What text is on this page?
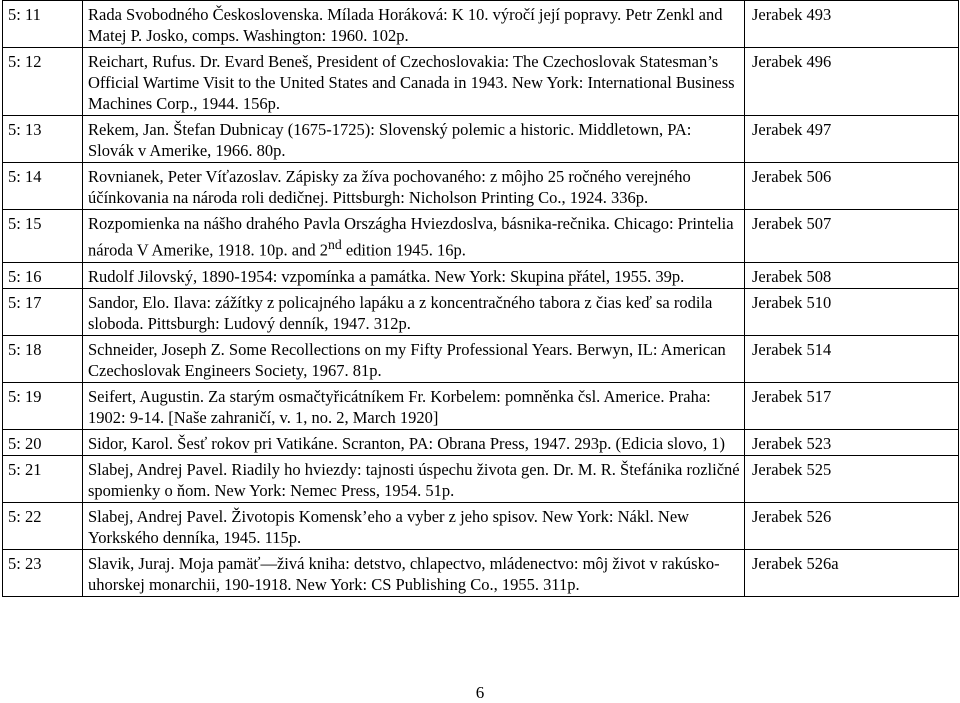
5: 11	Rada Svobodného Československa. Mílada Horáková: K 10. výročí její popravy. Petr Zenkl and Matej P. Josko, comps. Washington: 1960. 102p.	Jerabek 493
5: 12	Reichart, Rufus. Dr. Evard Beneš, President of Czechoslovakia: The Czechoslovak Statesman’s Official Wartime Visit to the United States and Canada in 1943. New York: International Business Machines Corp., 1944. 156p.	Jerabek 496
5: 13	Rekem, Jan. Štefan Dubnicay (1675-1725): Slovenský polemic a historic. Middletown, PA: Slovák v Amerike, 1966. 80p.	Jerabek 497
5: 14	Rovnianek, Peter Víťazoslav. Zápisky za žíva pochovaného: z môjho 25 ročného verejného účínkovania na národa roli dedičnej. Pittsburgh: Nicholson Printing Co., 1924. 336p.	Jerabek 506
5: 15	Rozpomienka na nášho drahého Pavla Országha Hviezdoslva, básnika-rečnika. Chicago: Printelia národa V Amerike, 1918. 10p. and 2nd edition 1945. 16p.	Jerabek 507
5: 16	Rudolf Jilovský, 1890-1954: vzpomínka a památka. New York: Skupina přátel, 1955. 39p.	Jerabek 508
5: 17	Sandor, Elo. Ilava: zážítky z policajného lapáku a z koncentračného tabora z čias keď sa rodila sloboda. Pittsburgh: Ludový denník, 1947. 312p.	Jerabek 510
5: 18	Schneider, Joseph Z. Some Recollections on my Fifty Professional Years. Berwyn, IL: American Czechoslovak Engineers Society, 1967. 81p.	Jerabek 514
5: 19	Seifert, Augustin. Za starým osmačtyřicátníkem Fr. Korbelem: pomněnka čsl. Americe. Praha: 1902: 9-14. [Naše zahraničí, v. 1, no. 2, March 1920]	Jerabek 517
5: 20	Sidor, Karol. Šesť rokov pri Vatikáne. Scranton, PA: Obrana Press, 1947. 293p. (Edicia slovo, 1)	Jerabek 523
5: 21	Slabej, Andrej Pavel. Riadily ho hviezdy: tajnosti úspechu života gen. Dr. M. R. Štefánika rozličné spomienky o ňom. New York: Nemec Press, 1954. 51p.	Jerabek 525
5: 22	Slabej, Andrej Pavel. Životopis Komensk’eho a vyber z jeho spisov. New York: Nákl. New Yorkského denníka, 1945. 115p.	Jerabek 526
5: 23	Slavik, Juraj. Moja pamäť—živá kniha: detstvo, chlapectvo, mládenectvo: môj život v rakúsko-uhorskej monarchii, 190-1918. New York: CS Publishing Co., 1955. 311p.	Jerabek 526a
6
